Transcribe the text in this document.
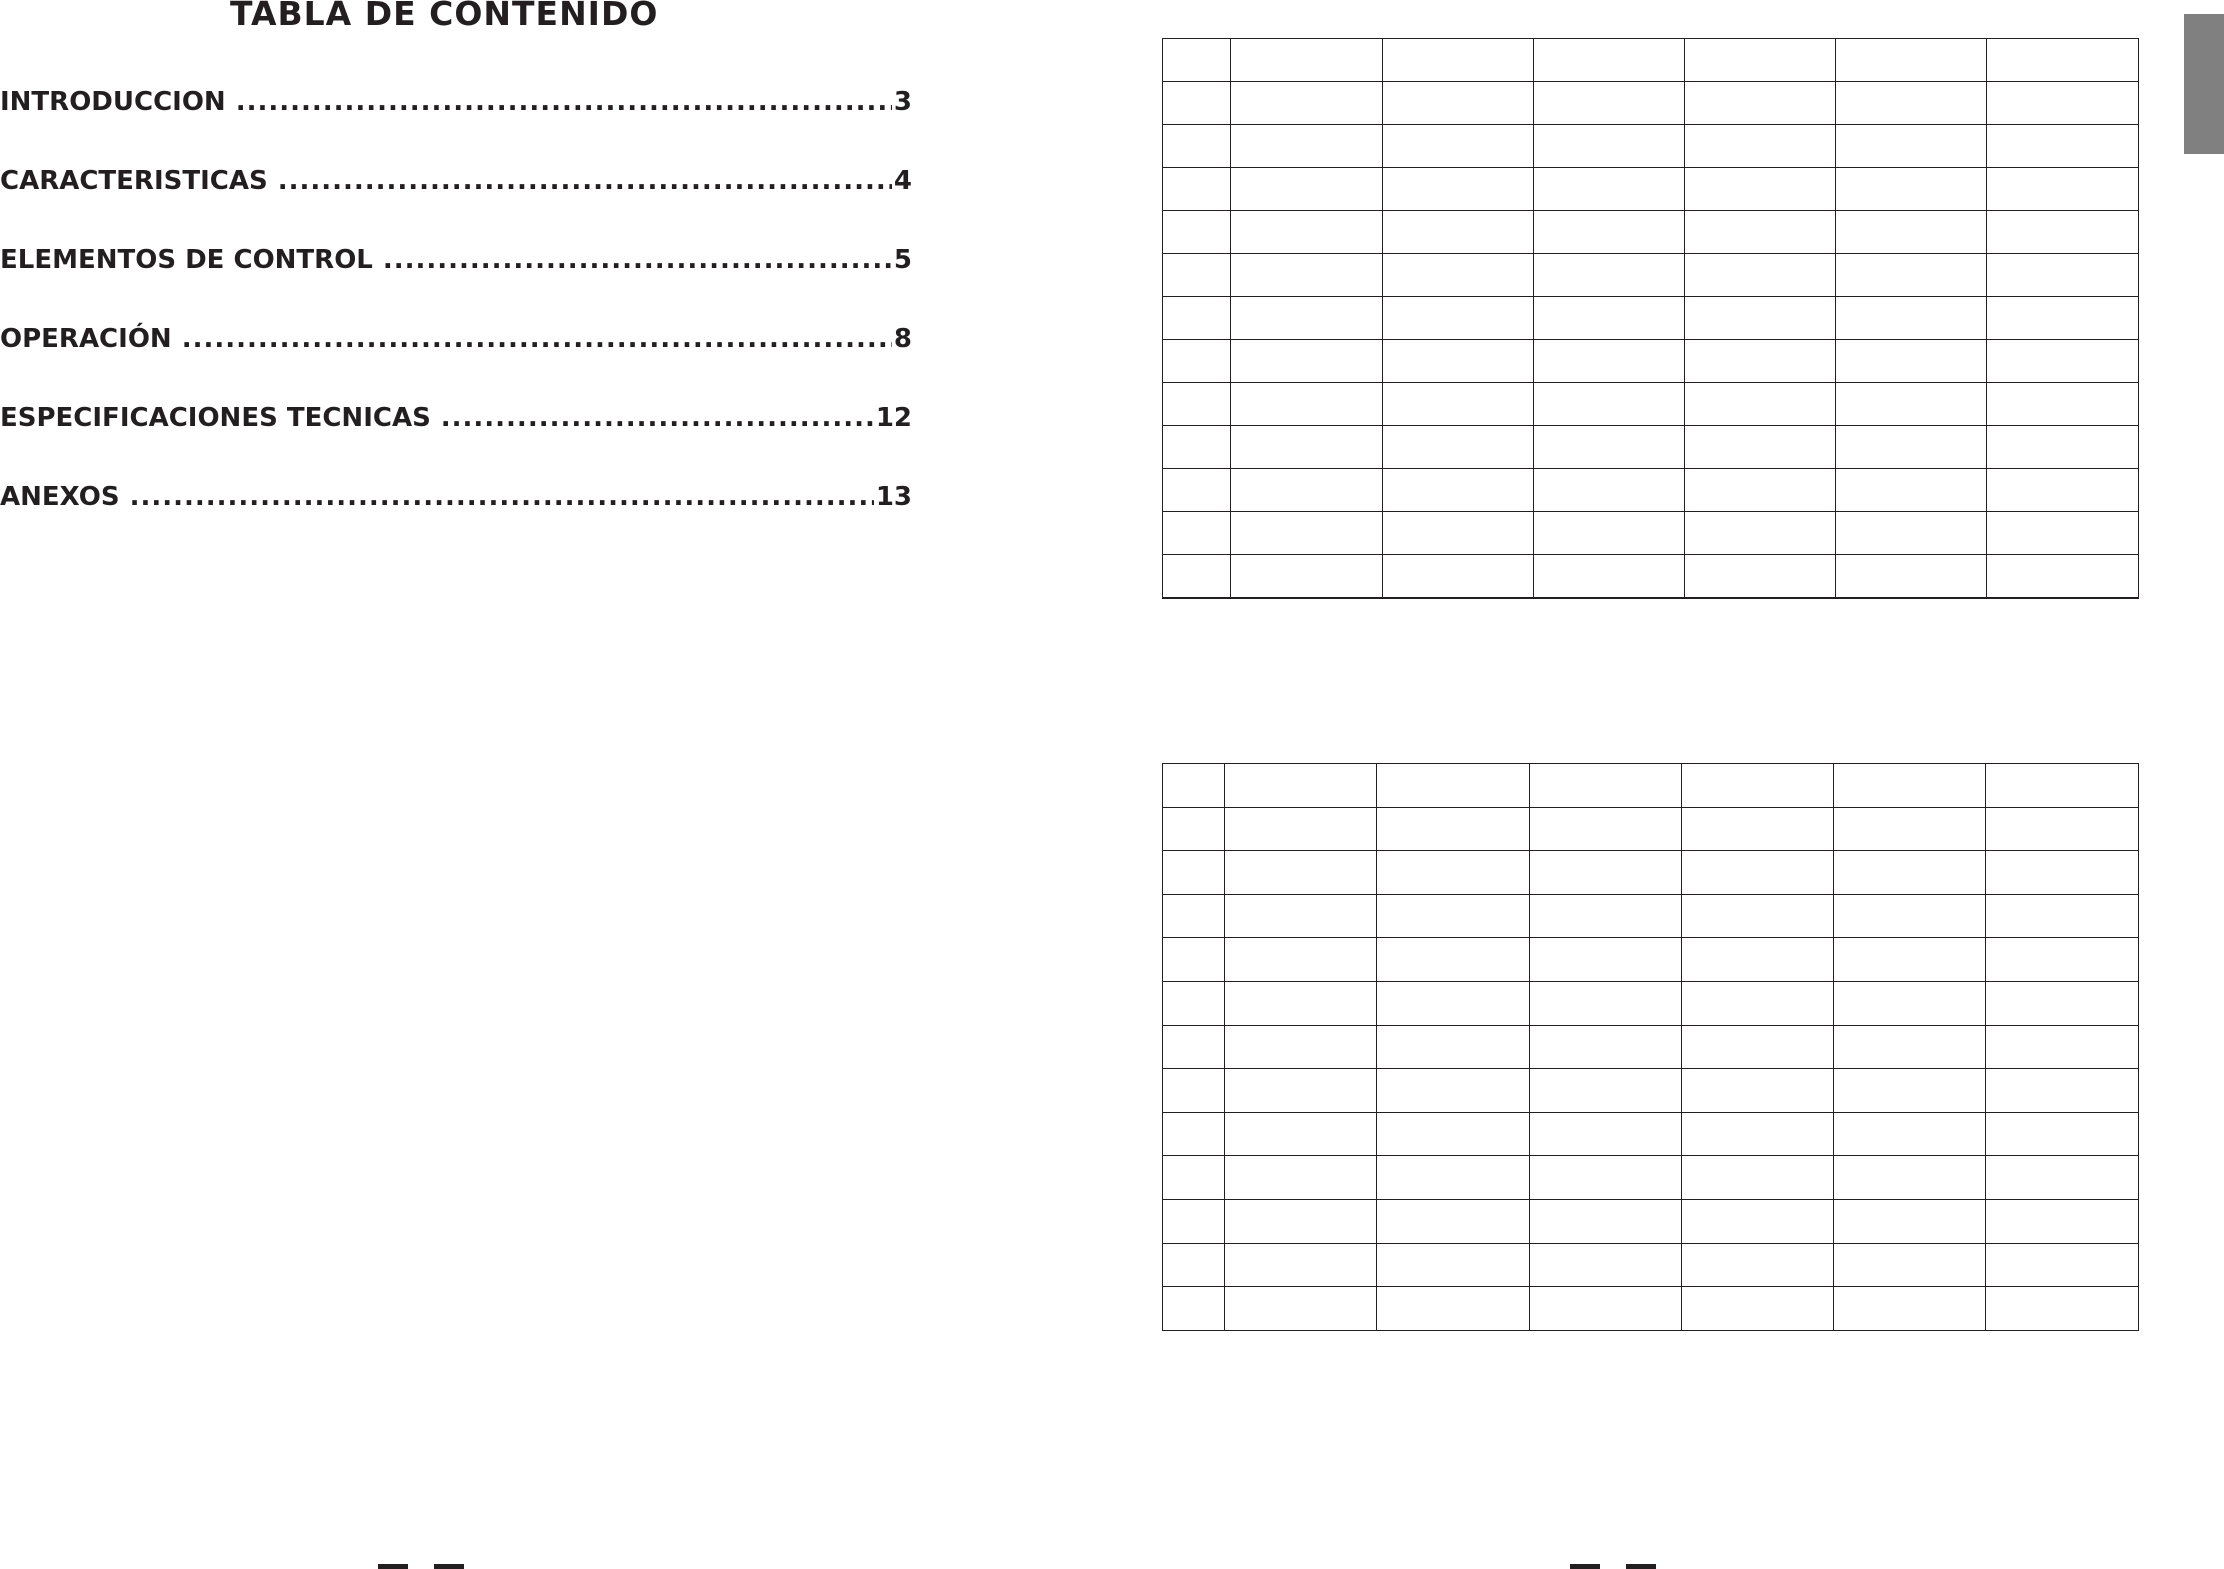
TABLA DE CONTENIDO
INTRODUCCION .....	3
CARACTERISTICAS .....	4
ELEMENTOS DE CONTROL .....	5
OPERACIÓN .....	8
ESPECIFICACIONES TECNICAS .....	12
ANEXOS .....	13
